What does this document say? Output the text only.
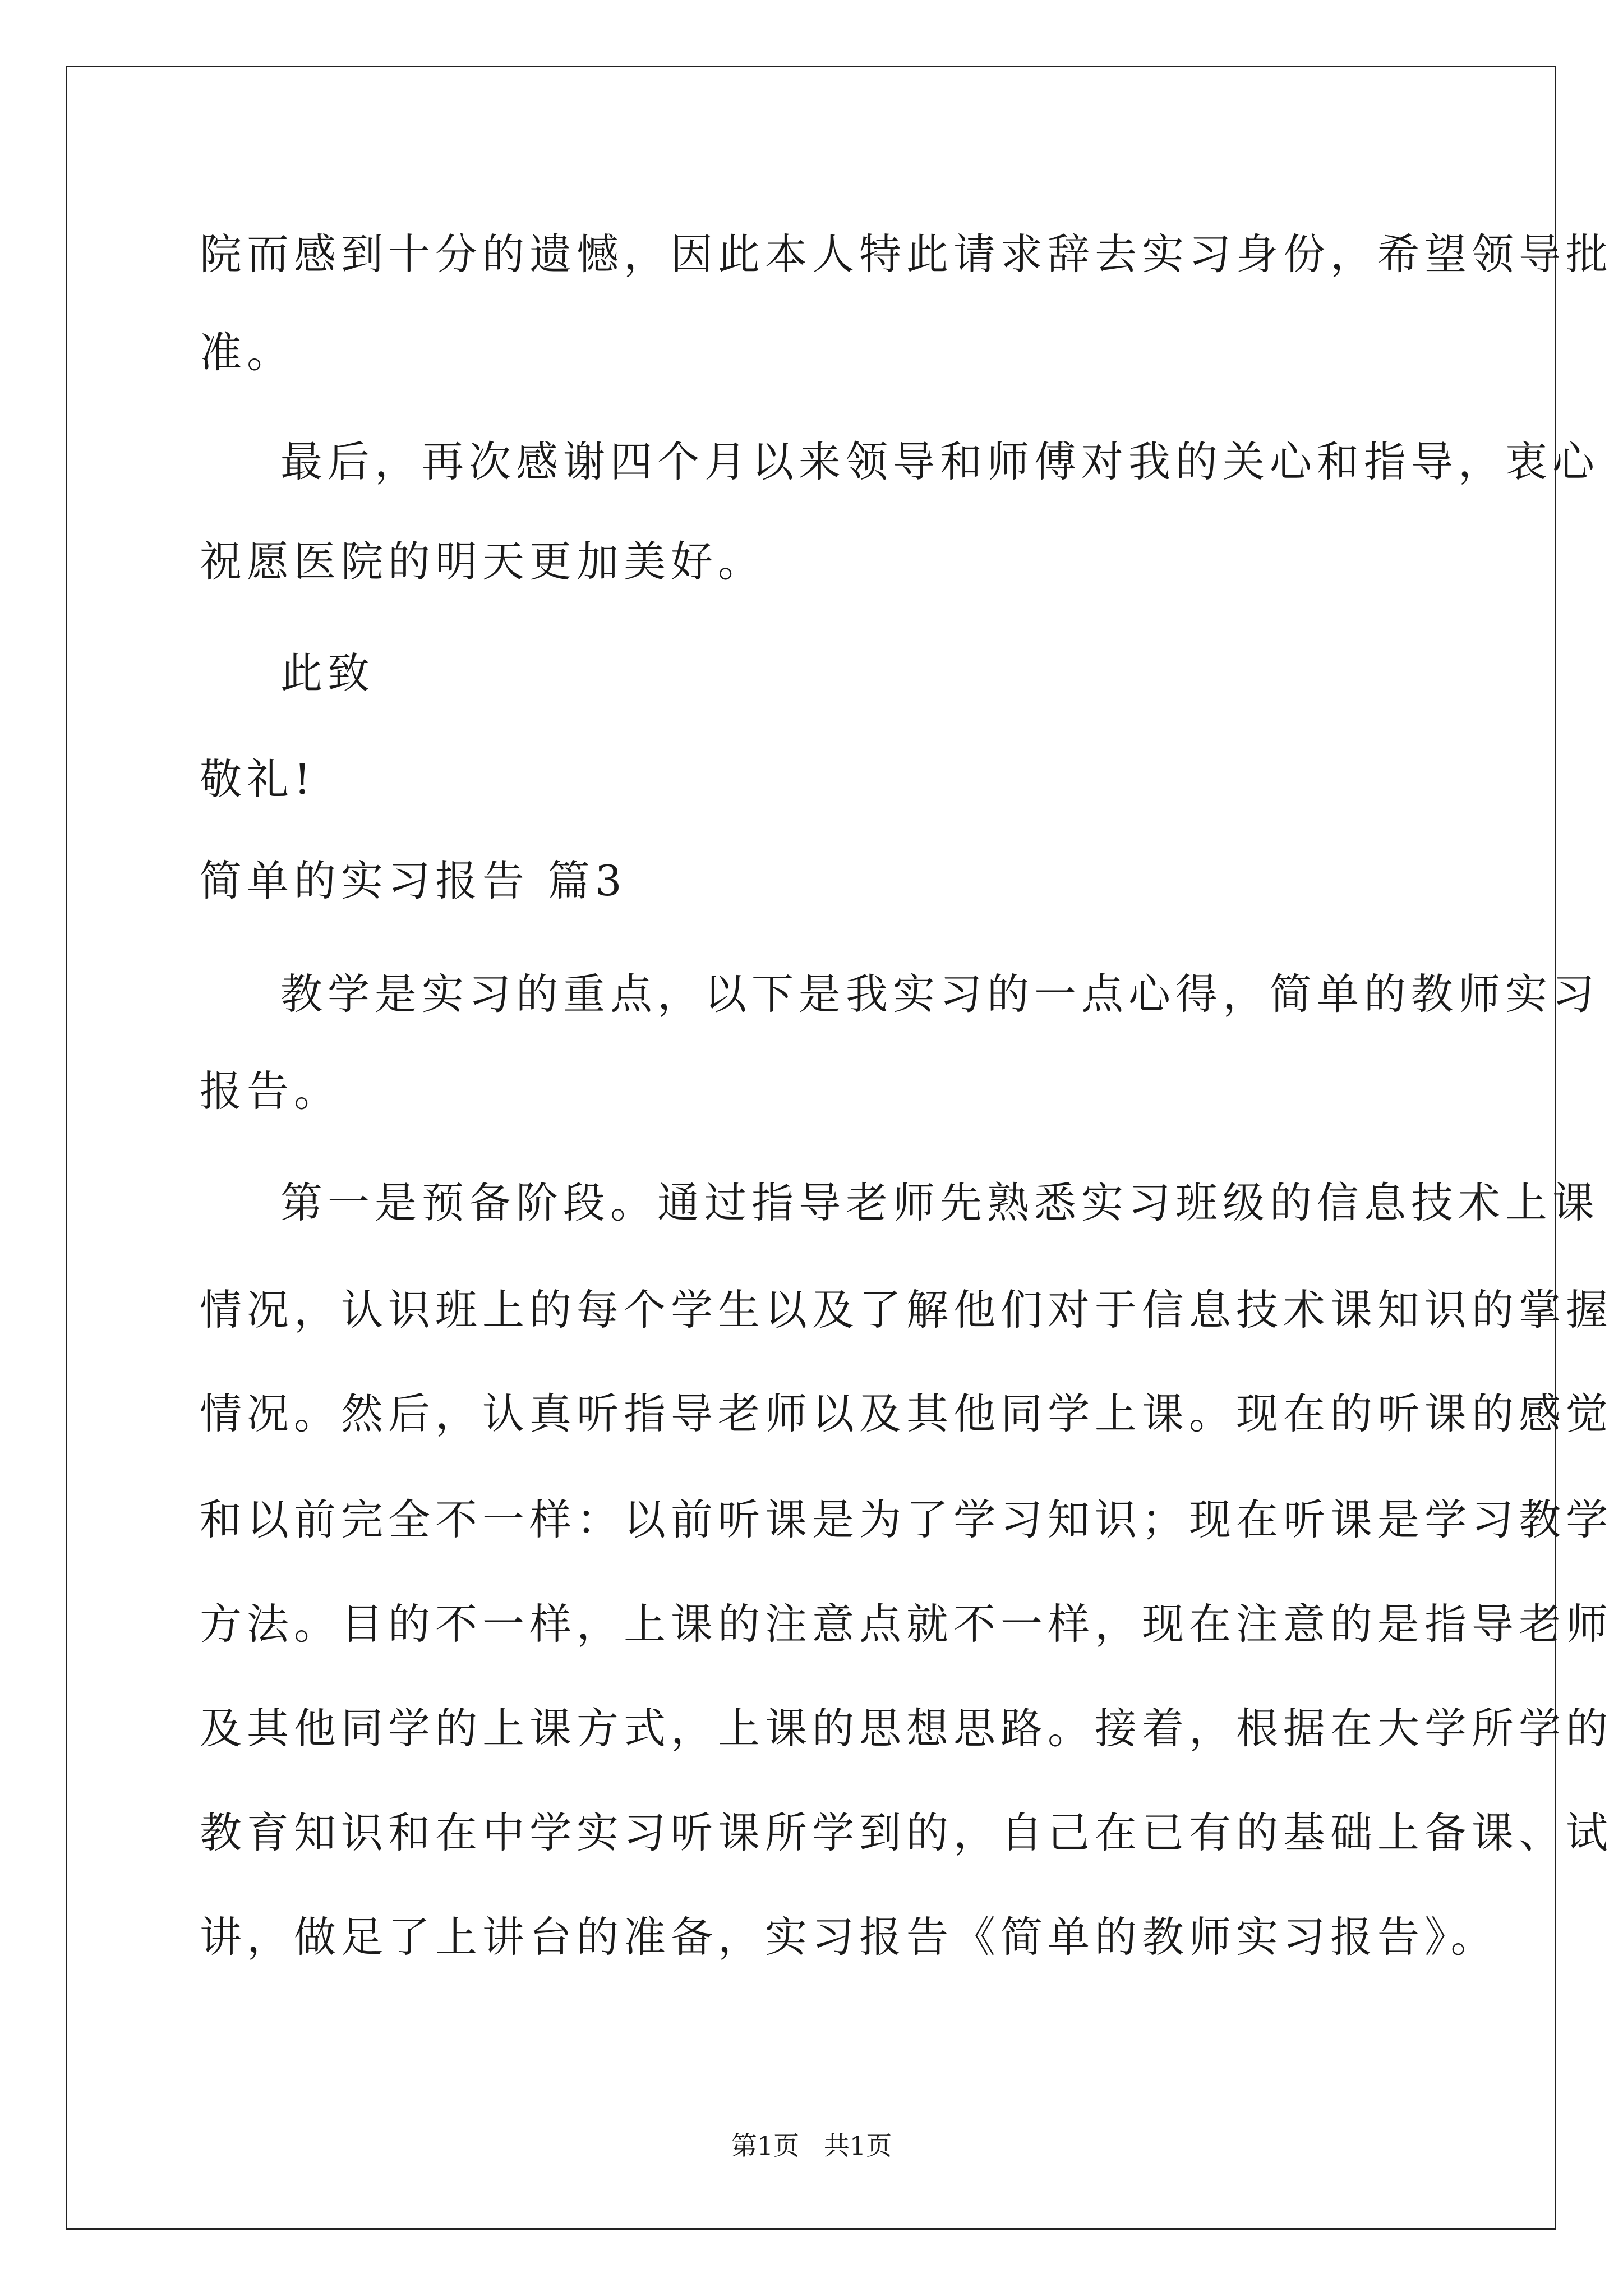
院而感到十分的遗憾，因此本人特此请求辞去实习身份，希望领导批

准。

最后，再次感谢四个月以来领导和师傅对我的关心和指导，衷心

祝愿医院的明天更加美好。

此致

敬礼!

简单的实习报告 篇3

教学是实习的重点，以下是我实习的一点心得，简单的教师实习

报告。

第一是预备阶段。通过指导老师先熟悉实习班级的信息技术上课

情况，认识班上的每个学生以及了解他们对于信息技术课知识的掌握

情况。然后，认真听指导老师以及其他同学上课。现在的听课的感觉

和以前完全不一样：以前听课是为了学习知识；现在听课是学习教学

方法。目的不一样，上课的注意点就不一样，现在注意的是指导老师

及其他同学的上课方式，上课的思想思路。接着，根据在大学所学的

教育知识和在中学实习听课所学到的，自己在已有的基础上备课、试

讲，做足了上讲台的准备，实习报告《简单的教师实习报告》。

第1页   共1页
